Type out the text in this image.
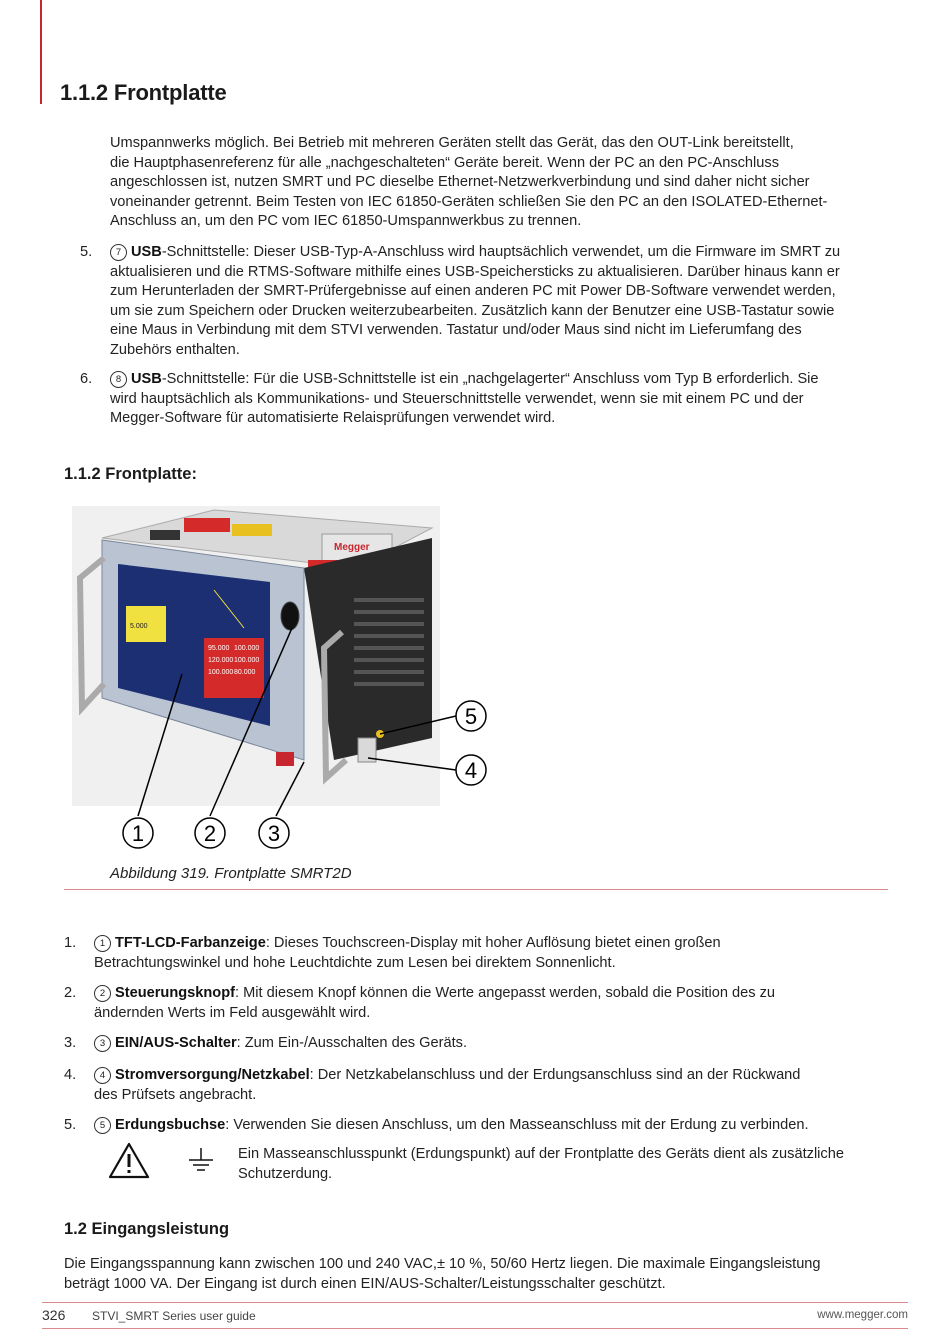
1.1.2 Frontplatte
Umspannwerks möglich. Bei Betrieb mit mehreren Geräten stellt das Gerät, das den OUT-Link bereitstellt,
die Hauptphasenreferenz für alle „nachgeschalteten“ Geräte bereit. Wenn der PC an den PC-Anschluss
angeschlossen ist, nutzen SMRT und PC dieselbe Ethernet-Netzwerkverbindung und sind daher nicht sicher
voneinander getrennt. Beim Testen von IEC 61850-Geräten schließen Sie den PC an den ISOLATED-Ethernet-
Anschluss an, um den PC vom IEC 61850-Umspannwerkbus zu trennen.
5.	7 USB-Schnittstelle: Dieser USB-Typ-A-Anschluss wird hauptsächlich verwendet, um die Firmware im SMRT zu
aktualisieren und die RTMS-Software mithilfe eines USB-Speichersticks zu aktualisieren. Darüber hinaus kann er
zum Herunterladen der SMRT-Prüfergebnisse auf einen anderen PC mit Power DB-Software verwendet werden,
um sie zum Speichern oder Drucken weiterzubearbeiten. Zusätzlich kann der Benutzer eine USB-Tastatur sowie
eine Maus in Verbindung mit dem STVI verwenden. Tastatur und/oder Maus sind nicht im Lieferumfang des
Zubehörs enthalten.
6.	8 USB-Schnittstelle: Für die USB-Schnittstelle ist ein „nachgelagerter“ Anschluss vom Typ B erforderlich. Sie
wird hauptsächlich als Kommunikations- und Steuerschnittstelle verwendet, wenn sie mit einem PC und der
Megger-Software für automatisierte Relaisprüfungen verwendet wird.
1.1.2 Frontplatte:
Megger
95.000 100.000
120.000 100.000
100.000 80.000
5.000
1	2 3
4
5
Abbildung 319. Frontplatte SMRT2D
1.	1 TFT-LCD-Farbanzeige: Dieses Touchscreen-Display mit hoher Auflösung bietet einen großen
Betrachtungswinkel und hohe Leuchtdichte zum Lesen bei direktem Sonnenlicht.
2.	2 Steuerungsknopf: Mit diesem Knopf können die Werte angepasst werden, sobald die Position des zu
ändernden Werts im Feld ausgewählt wird.
3.	3 EIN/AUS-Schalter: Zum Ein-/Ausschalten des Geräts.
4.	4 Stromversorgung/Netzkabel: Der Netzkabelanschluss und der Erdungsanschluss sind an der Rückwand
des Prüfsets angebracht.
5.	5 Erdungsbuchse: Verwenden Sie diesen Anschluss, um den Masseanschluss mit der Erdung zu verbinden.
Ein Masseanschlusspunkt (Erdungspunkt) auf der Frontplatte des Geräts dient als zusätzliche
Schutzerdung.
1.2 Eingangsleistung
Die Eingangsspannung kann zwischen 100 und 240 VAC,± 10 %, 50/60 Hertz liegen. Die maximale Eingangsleistung
beträgt 1000 VA. Der Eingang ist durch einen EIN/AUS-Schalter/Leistungsschalter geschützt.
326 STVI_SMRT Series user guide	www.megger.com
